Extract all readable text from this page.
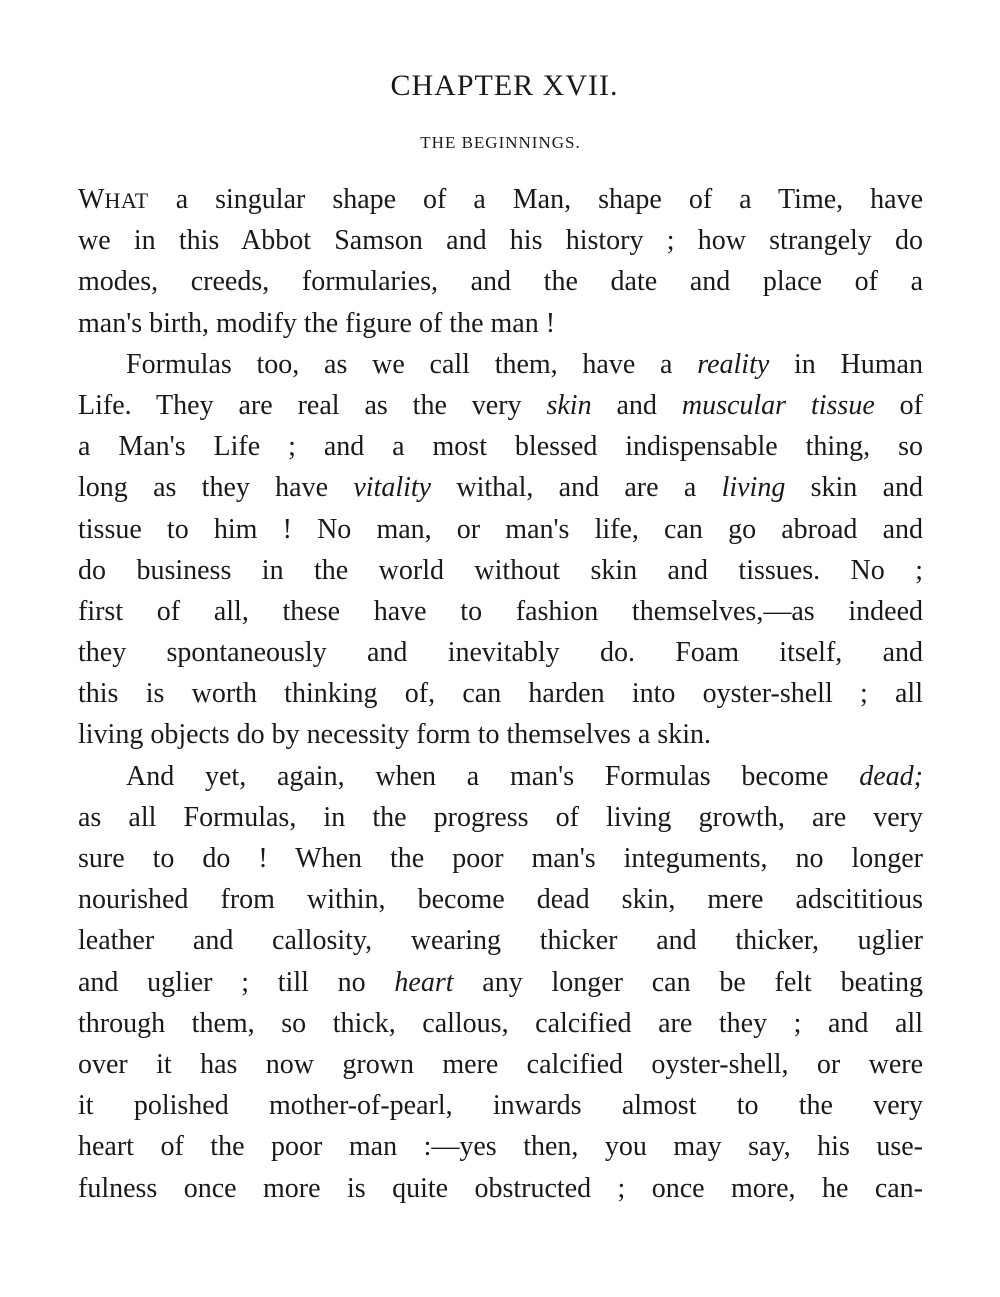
CHAPTER XVII.
THE BEGINNINGS.
WHAT a singular shape of a Man, shape of a Time, have
we in this Abbot Samson and his history ; how strangely do
modes, creeds, formularies, and the date and place of a
man's birth, modify the figure of the man !
Formulas too, as we call them, have a reality in Human
Life. They are real as the very skin and muscular tissue of
a Man's Life ; and a most blessed indispensable thing, so
long as they have vitality withal, and are a living skin and
tissue to him ! No man, or man's life, can go abroad and
do business in the world without skin and tissues. No ;
first of all, these have to fashion themselves,—as indeed
they spontaneously and inevitably do. Foam itself, and
this is worth thinking of, can harden into oyster-shell ; all
living objects do by necessity form to themselves a skin.
And yet, again, when a man's Formulas become dead;
as all Formulas, in the progress of living growth, are very
sure to do ! When the poor man's integuments, no longer
nourished from within, become dead skin, mere adscititious
leather and callosity, wearing thicker and thicker, uglier
and uglier ; till no heart any longer can be felt beating
through them, so thick, callous, calcified are they ; and all
over it has now grown mere calcified oyster-shell, or were
it polished mother-of-pearl, inwards almost to the very
heart of the poor man :—yes then, you may say, his use-
fulness once more is quite obstructed ; once more, he can-
